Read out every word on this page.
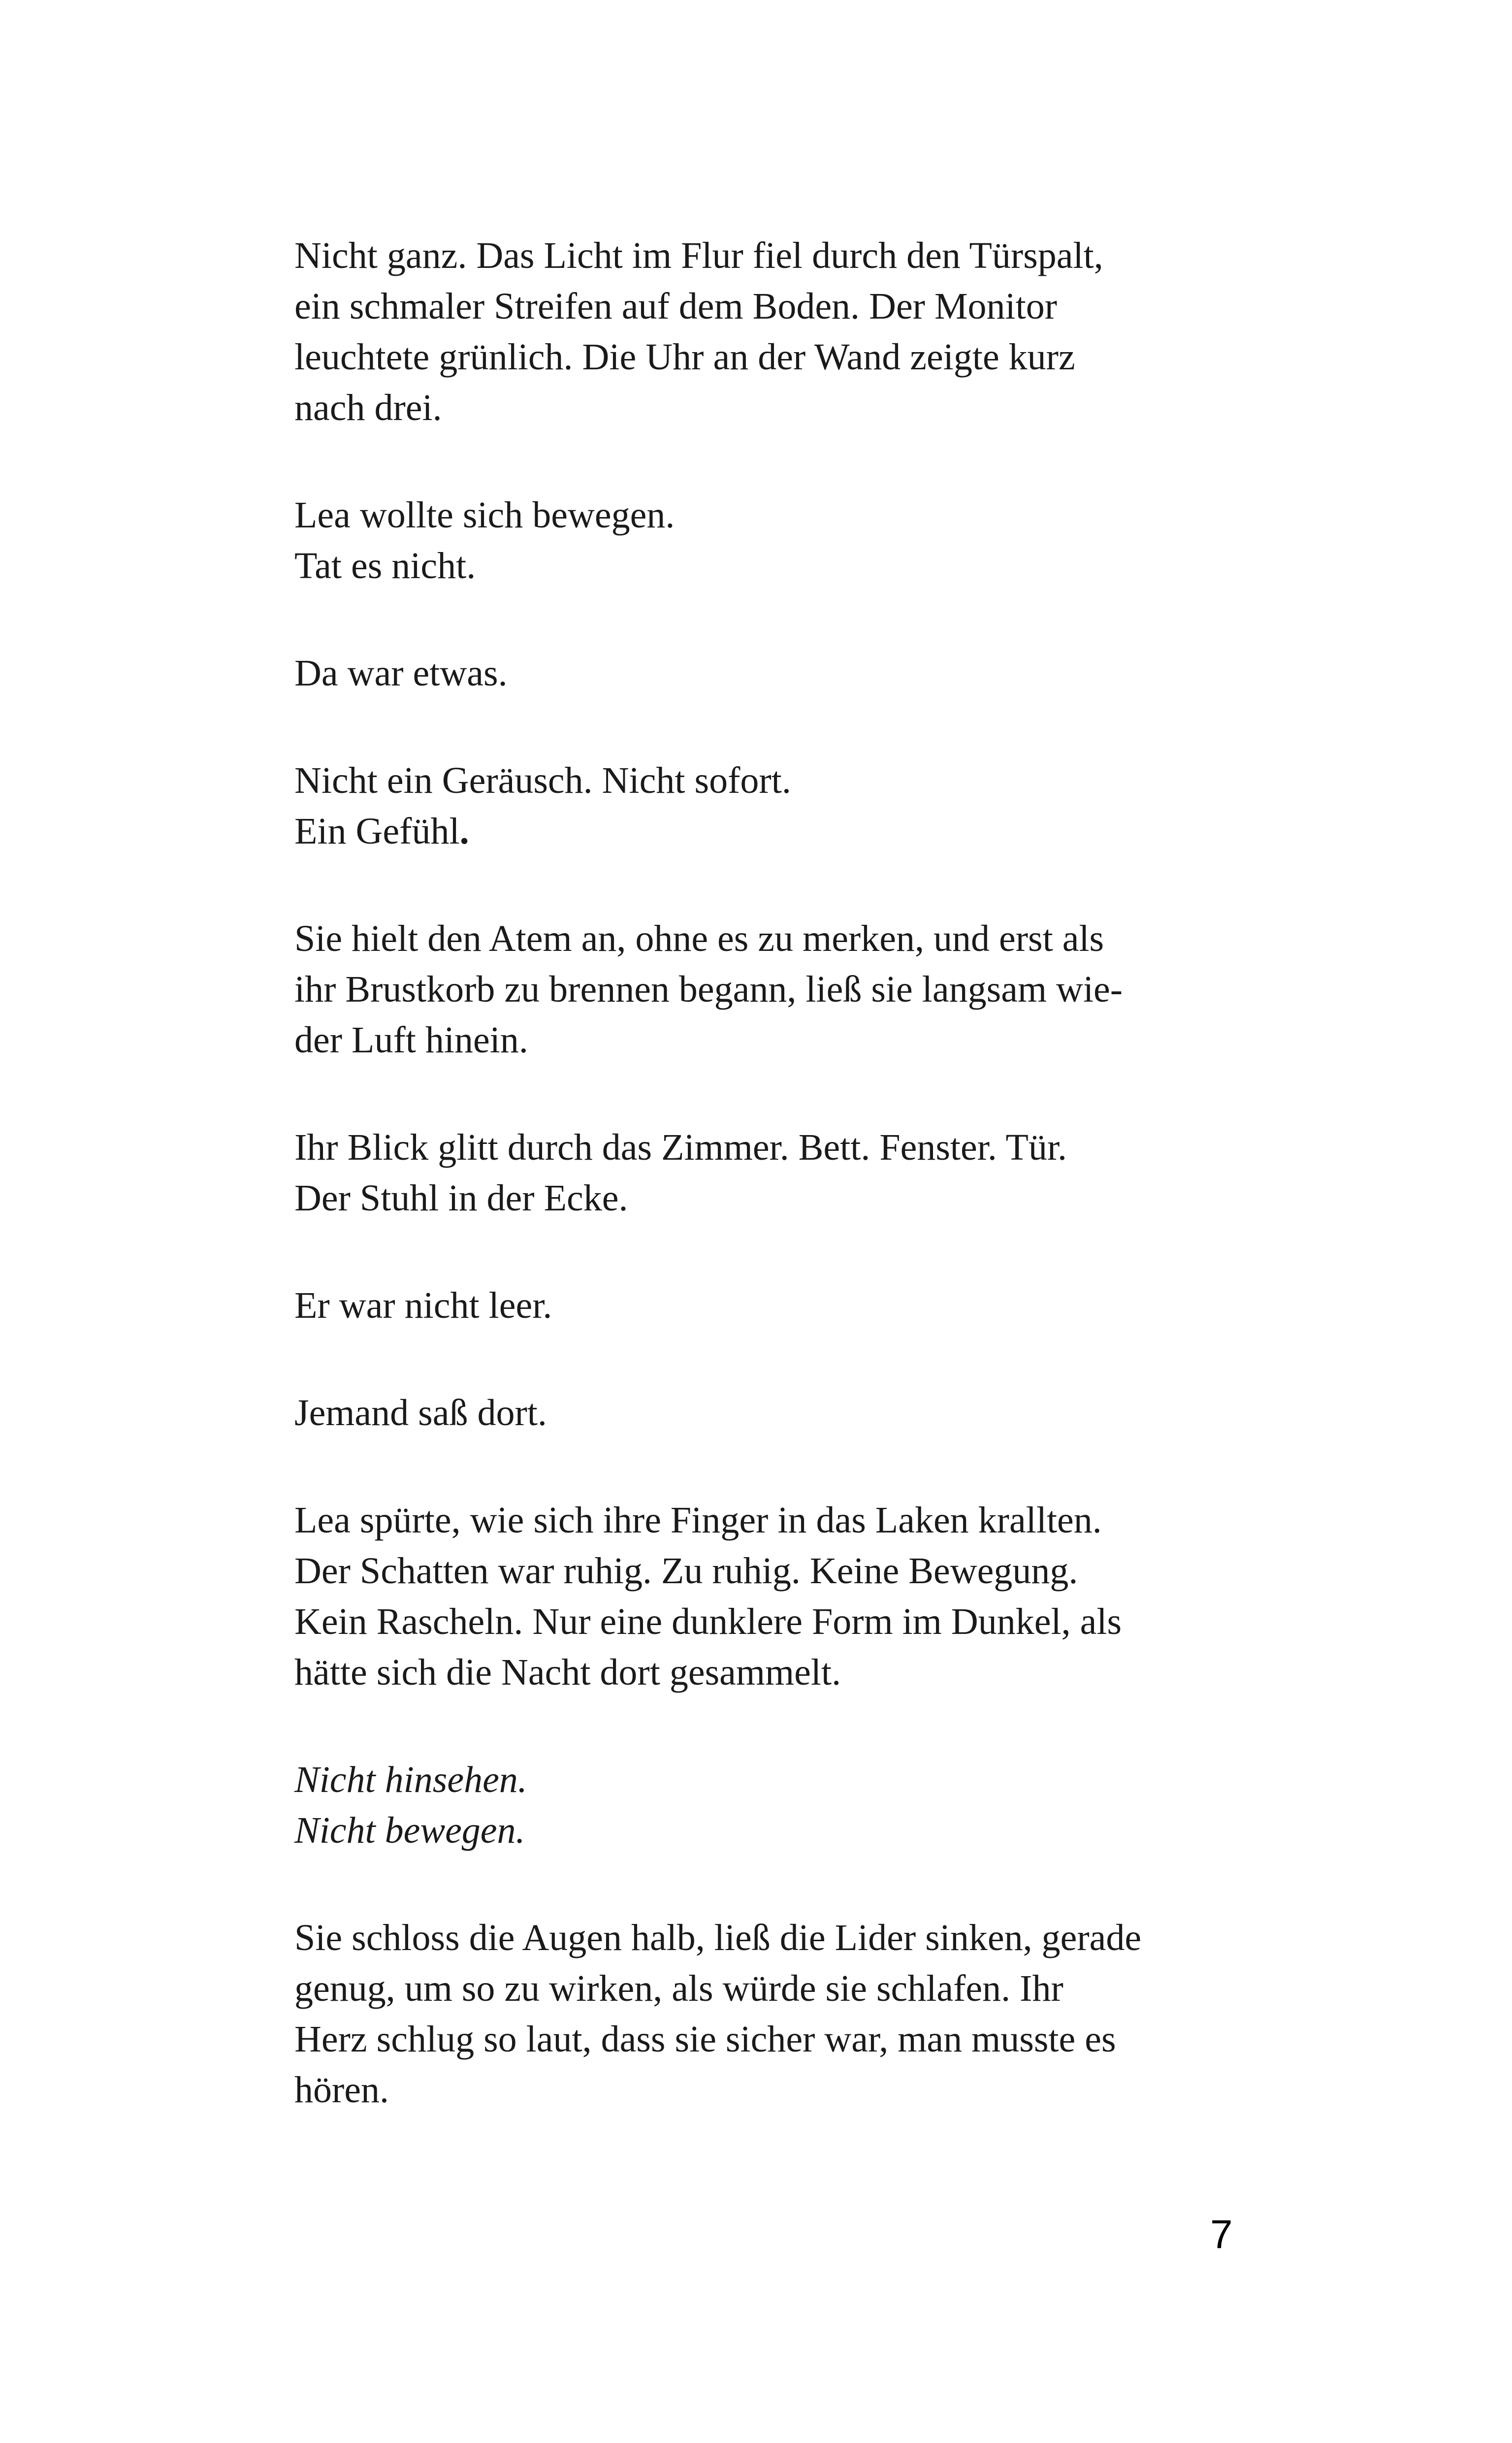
Nicht ganz. Das Licht im Flur fiel durch den Türspalt,
ein schmaler Streifen auf dem Boden. Der Monitor
leuchtete grünlich. Die Uhr an der Wand zeigte kurz
nach drei.

Lea wollte sich bewegen.
Tat es nicht.

Da war etwas.

Nicht ein Geräusch. Nicht sofort.
Ein Gefühl.

Sie hielt den Atem an, ohne es zu merken, und erst als
ihr Brustkorb zu brennen begann, ließ sie langsam wie-
der Luft hinein.

Ihr Blick glitt durch das Zimmer. Bett. Fenster. Tür.
Der Stuhl in der Ecke.

Er war nicht leer.

Jemand saß dort.

Lea spürte, wie sich ihre Finger in das Laken krallten.
Der Schatten war ruhig. Zu ruhig. Keine Bewegung.
Kein Rascheln. Nur eine dunklere Form im Dunkel, als
hätte sich die Nacht dort gesammelt.

Nicht hinsehen.
Nicht bewegen.

Sie schloss die Augen halb, ließ die Lider sinken, gerade
genug, um so zu wirken, als würde sie schlafen. Ihr
Herz schlug so laut, dass sie sicher war, man musste es
hören.

7
